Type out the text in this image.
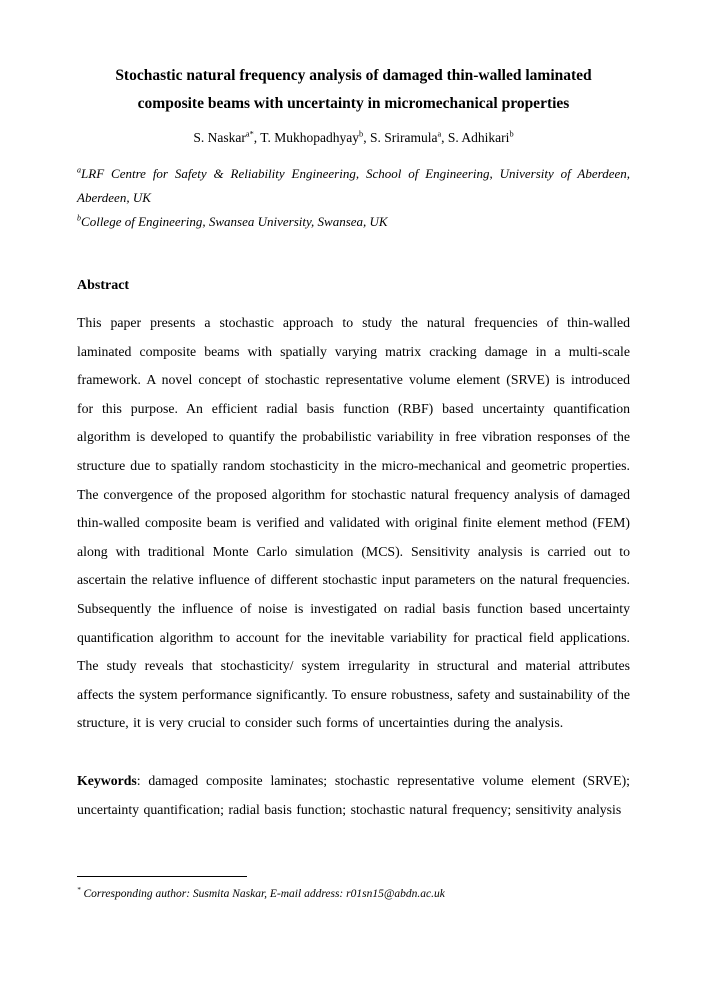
Stochastic natural frequency analysis of damaged thin-walled laminated composite beams with uncertainty in micromechanical properties

S. Naskar$^{a*}$, T. Mukhopadhyay$^b$, S. Sriramula$^a$, S. Adhikari$^b$

$^a$LRF Centre for Safety & Reliability Engineering, School of Engineering, University of Aberdeen, Aberdeen, UK

$^b$College of Engineering, Swansea University, Swansea, UK

Abstract

This paper presents a stochastic approach to study the natural frequencies of thin-walled laminated composite beams with spatially varying matrix cracking damage in a multi-scale framework. A novel concept of stochastic representative volume element (SRVE) is introduced for this purpose. An efficient radial basis function (RBF) based uncertainty quantification algorithm is developed to quantify the probabilistic variability in free vibration responses of the structure due to spatially random stochasticity in the micro-mechanical and geometric properties. The convergence of the proposed algorithm for stochastic natural frequency analysis of damaged thin-walled composite beam is verified and validated with original finite element method (FEM) along with traditional Monte Carlo simulation (MCS). Sensitivity analysis is carried out to ascertain the relative influence of different stochastic input parameters on the natural frequencies. Subsequently the influence of noise is investigated on radial basis function based uncertainty quantification algorithm to account for the inevitable variability for practical field applications. The study reveals that stochasticity/ system irregularity in structural and material attributes affects the system performance significantly. To ensure robustness, safety and sustainability of the structure, it is very crucial to consider such forms of uncertainties during the analysis.

Keywords: damaged composite laminates; stochastic representative volume element (SRVE); uncertainty quantification; radial basis function; stochastic natural frequency; sensitivity analysis

* Corresponding author: Susmita Naskar, E-mail address: r01sn15@abdn.ac.uk
